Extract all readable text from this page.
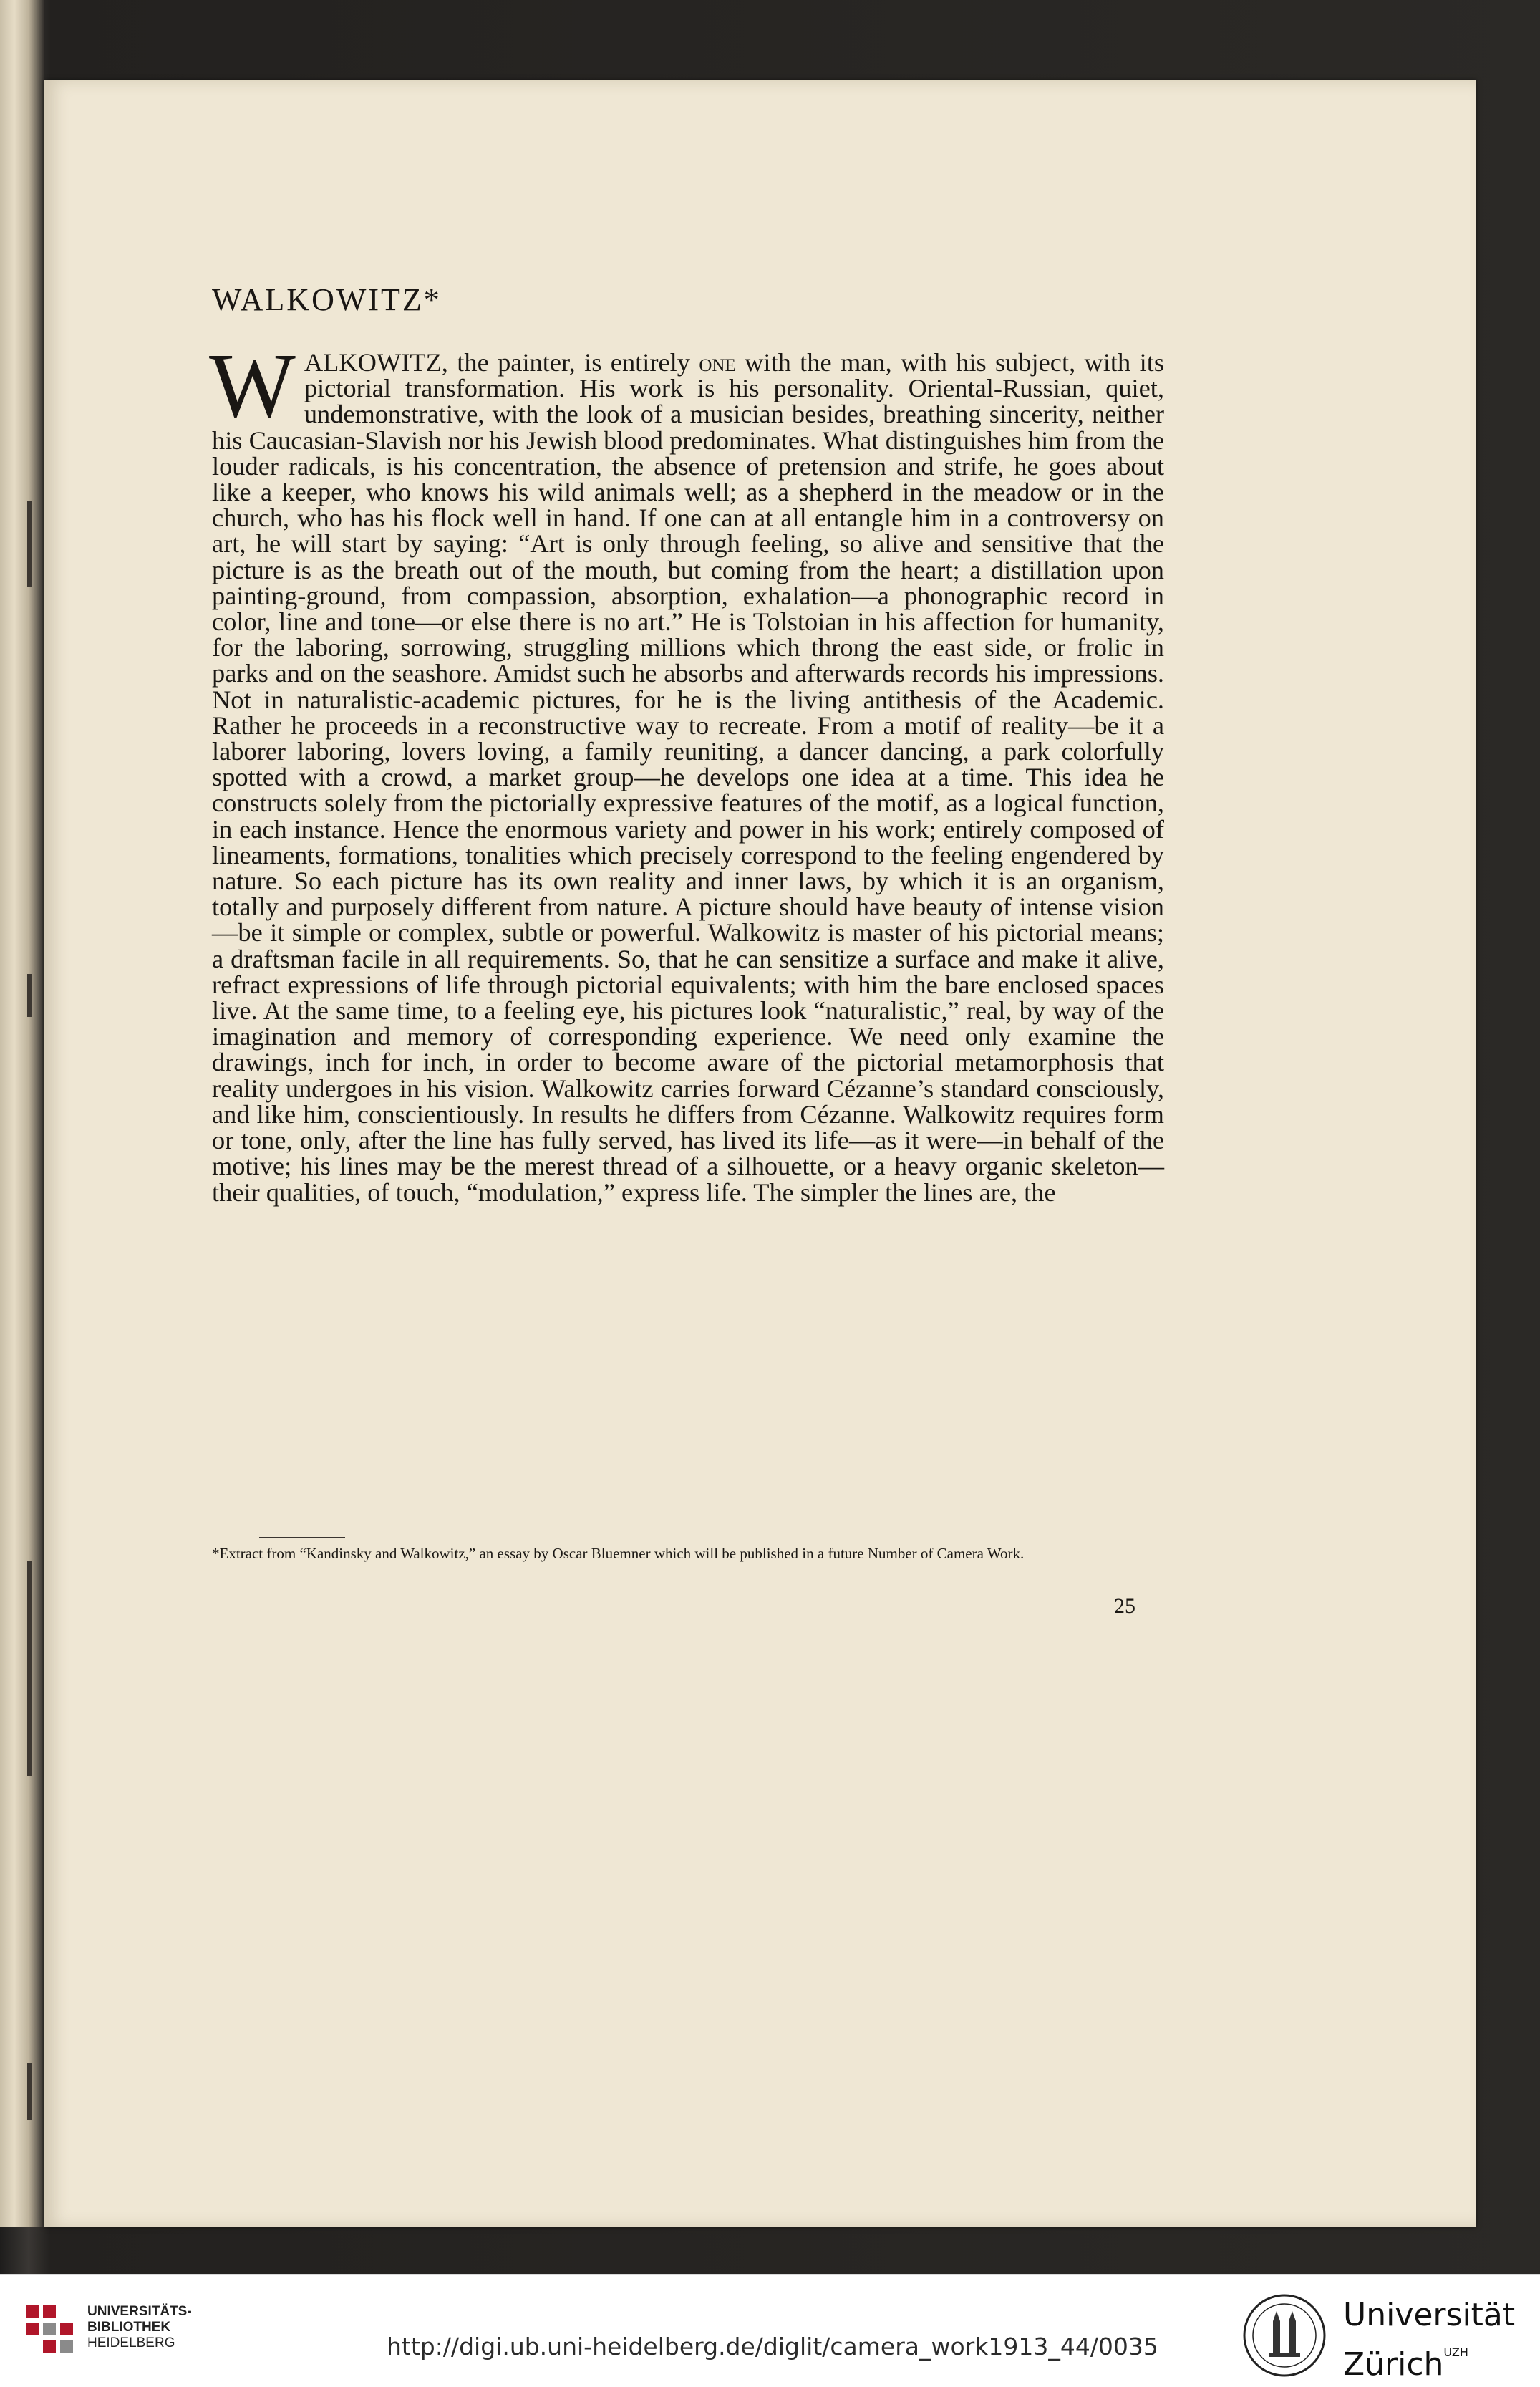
WALKOWITZ*
WALKOWITZ, the painter, is entirely one with the man, with his subject, with its pictorial transformation. His work is his personality. Oriental-Russian, quiet, undemonstrative, with the look of a musician besides, breathing sincerity, neither his Caucasian-Slavish nor his Jewish blood predominates. What distinguishes him from the louder radicals, is his concentration, the absence of pretension and strife, he goes about like a keeper, who knows his wild animals well; as a shepherd in the meadow or in the church, who has his flock well in hand. If one can at all entangle him in a controversy on art, he will start by saying: “Art is only through feeling, so alive and sensitive that the picture is as the breath out of the mouth, but coming from the heart; a distillation upon painting-ground, from compassion, absorption, exhalation—a phonographic record in color, line and tone—or else there is no art.” He is Tolstoian in his affection for humanity, for the laboring, sorrowing, struggling millions which throng the east side, or frolic in parks and on the seashore. Amidst such he absorbs and afterwards records his impressions. Not in naturalistic-academic pictures, for he is the living antithesis of the Academic. Rather he proceeds in a reconstructive way to recreate. From a motif of reality—be it a laborer laboring, lovers loving, a family reuniting, a dancer dancing, a park colorfully spotted with a crowd, a market group—he develops one idea at a time. This idea he constructs solely from the pictorially expressive features of the motif, as a logical function, in each instance. Hence the enormous variety and power in his work; entirely composed of lineaments, formations, tonalities which precisely correspond to the feeling engendered by nature. So each picture has its own reality and inner laws, by which it is an organism, totally and purposely different from nature. A picture should have beauty of intense vision—be it simple or complex, subtle or powerful. Walkowitz is master of his pictorial means; a draftsman facile in all requirements. So, that he can sensitize a surface and make it alive, refract expressions of life through pictorial equivalents; with him the bare enclosed spaces live. At the same time, to a feeling eye, his pictures look “naturalistic,” real, by way of the imagination and memory of corresponding experience. We need only examine the drawings, inch for inch, in order to become aware of the pictorial metamorphosis that reality undergoes in his vision. Walkowitz carries forward Cézanne’s standard consciously, and like him, conscientiously. In results he differs from Cézanne. Walkowitz requires form or tone, only, after the line has fully served, has lived its life—as it were—in behalf of the motive; his lines may be the merest thread of a silhouette, or a heavy organic skeleton—their qualities, of touch, “modulation,” express life. The simpler the lines are, the
*Extract from “Kandinsky and Walkowitz,” an essay by Oscar Bluemner which will be published in a future Number of Camera Work.
25
UNIVERSITÄTS-
BIBLIOTHEK
HEIDELBERG	http://digi.ub.uni-heidelberg.de/diglit/camera_work1913_44/0035
Universität
Zürich$^{UZH}$
